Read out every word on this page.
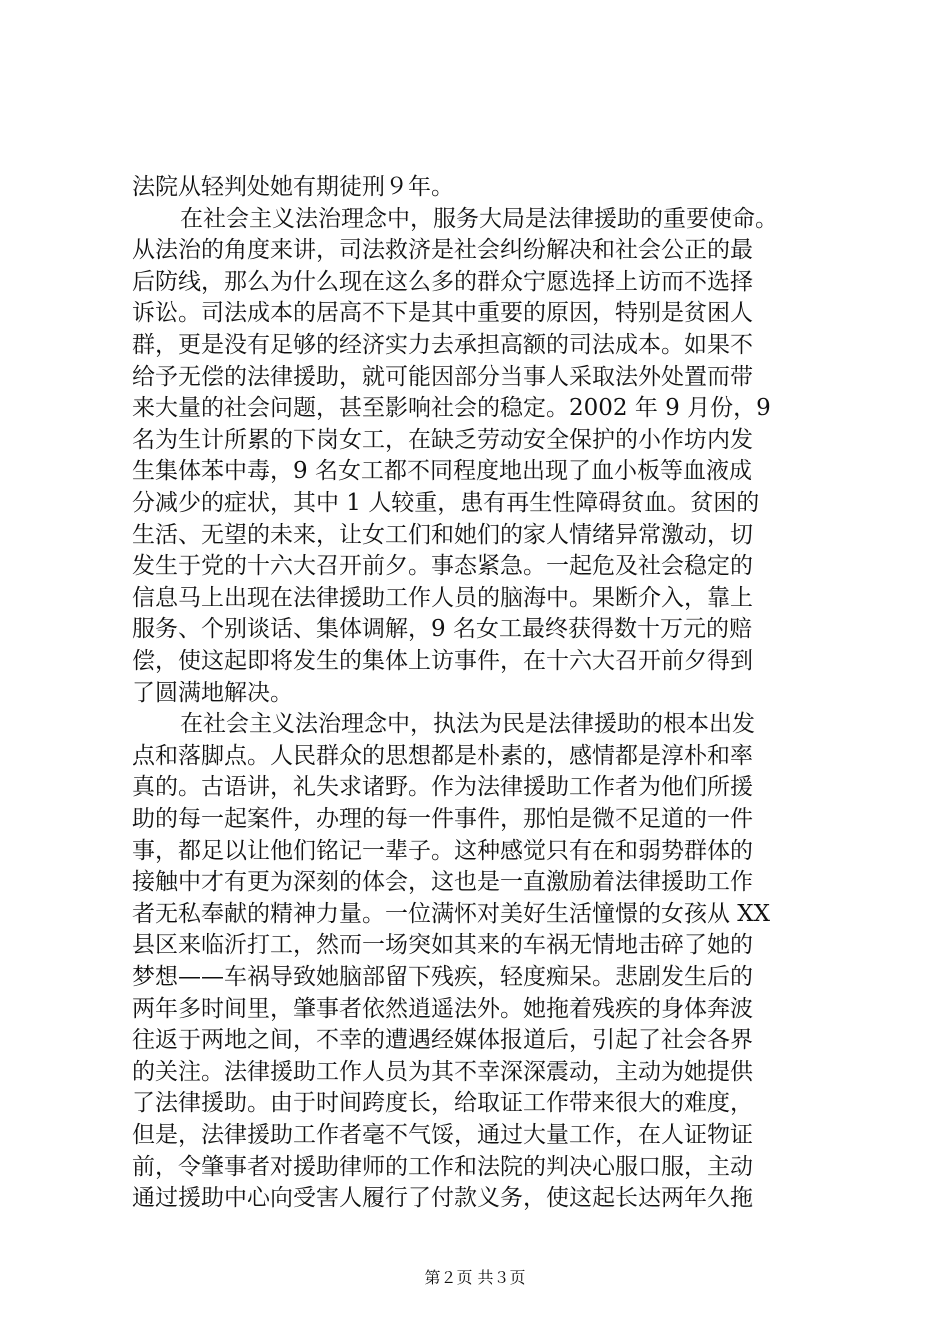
法院从轻判处她有期徒刑９年。
在社会主义法治理念中，服务大局是法律援助的重要使命。
从法治的角度来讲，司法救济是社会纠纷解决和社会公正的最
后防线，那么为什么现在这么多的群众宁愿选择上访而不选择
诉讼。司法成本的居高不下是其中重要的原因，特别是贫困人
群，更是没有足够的经济实力去承担高额的司法成本。如果不
给予无偿的法律援助，就可能因部分当事人采取法外处置而带
来大量的社会问题，甚至影响社会的稳定。2002 年 9 月份，9
名为生计所累的下岗女工，在缺乏劳动安全保护的小作坊内发
生集体苯中毒，9 名女工都不同程度地出现了血小板等血液成
分减少的症状，其中 1 人较重，患有再生性障碍贫血。贫困的
生活、无望的未来，让女工们和她们的家人情绪异常激动，切
发生于党的十六大召开前夕。事态紧急。一起危及社会稳定的
信息马上出现在法律援助工作人员的脑海中。果断介入，靠上
服务、个别谈话、集体调解，9 名女工最终获得数十万元的赔
偿，使这起即将发生的集体上访事件，在十六大召开前夕得到
了圆满地解决。
在社会主义法治理念中，执法为民是法律援助的根本出发
点和落脚点。人民群众的思想都是朴素的，感情都是淳朴和率
真的。古语讲，礼失求诸野。作为法律援助工作者为他们所援
助的每一起案件，办理的每一件事件，那怕是微不足道的一件
事，都足以让他们铭记一辈子。这种感觉只有在和弱势群体的
接触中才有更为深刻的体会，这也是一直激励着法律援助工作
者无私奉献的精神力量。一位满怀对美好生活憧憬的女孩从 XX
县区来临沂打工，然而一场突如其来的车祸无情地击碎了她的
梦想——车祸导致她脑部留下残疾，轻度痴呆。悲剧发生后的
两年多时间里，肇事者依然逍遥法外。她拖着残疾的身体奔波
往返于两地之间，不幸的遭遇经媒体报道后，引起了社会各界
的关注。法律援助工作人员为其不幸深深震动，主动为她提供
了法律援助。由于时间跨度长，给取证工作带来很大的难度，
但是，法律援助工作者毫不气馁，通过大量工作，在人证物证
前，令肇事者对援助律师的工作和法院的判决心服口服，主动
通过援助中心向受害人履行了付款义务，使这起长达两年久拖
第２页 共３页
